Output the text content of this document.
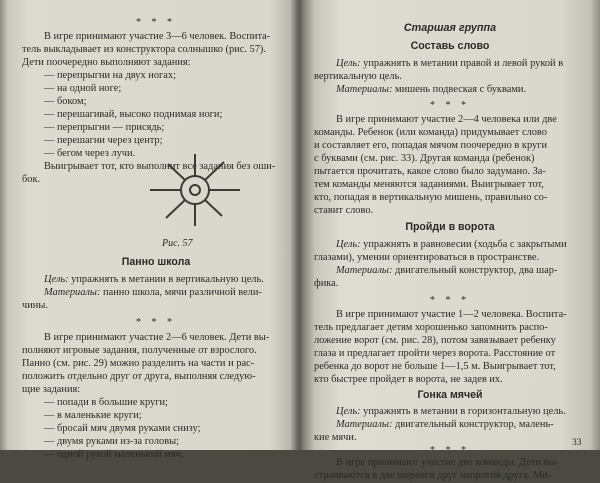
* * *
В игре принимают участие 3—6 человек. Воспита-
тель выкладывает из конструктора солнышко (рис. 57).
Дети поочередно выполняют задания:
— перепрыгни на двух ногах;
— на одной ноге;
— боком;
— перешагивай, высоко поднимая ноги;
— перепрыгни — присядь;
— перешагни через центр;
— бегом через лучи.
Выигрывает тот, кто выполнит все задания без оши-
бок.
Рис. 57
Панно школа
Цель: упражнять в метании в вертикальную цель.
Материалы: панно школа, мячи различной вели-
чины.
* * *
В игре принимают участие 2—6 человек. Дети вы-
полняют игровые задания, полученные от взрослого.
Панно (см. рис. 29) можно разделить на части и рас-
положить отдельно друг от друга, выполняя следую-
щие задания:
— попади в большие круги;
— в маленькие круги;
— бросай мяч двумя руками снизу;
— двумя руками из-за головы;
— одной рукой маленький мяч.
Старшая группа
Составь слово
Цель: упражнять в метании правой и левой рукой в
вертикальную цель.
Материалы: мишень подвеская с буквами.
* * *
В игре принимают участие 2—4 человека или две
команды. Ребенок (или команда) придумывает слово
и составляет его, попадая мячом поочередно в круги
с буквами (см. рис. 33). Другая команда (ребенок)
пытается прочитать, какое слово было задумано. За-
тем команды меняются заданиями. Выигрывает тот,
кто, попадая в вертикальную мишень, правильно со-
ставит слово.
Пройди в ворота
Цель: упражнять в равновесии (ходьба с закрытыми
глазами), умении ориентироваться в пространстве.
Материалы: двигательный конструктор, два шар-
фика.
* * *
В игре принимают участие 1—2 человека. Воспита-
тель предлагает детям хорошенько запомнить распо-
ложение ворот (см. рис. 28), потом завязывает ребенку
глаза и предлагает пройти через ворота. Расстояние от
ребенка до ворот не больше 1—1,5 м. Выигрывает тот,
кто быстрее пройдет в ворота, не задев их.
Гонка мячей
Цель: упражнять в метании в горизонтальную цель.
Материалы: двигательный конструктор, малень-
кие мячи.
* * *
В игре принимают участие две команды. Дети вы-
страиваются в две шеренги друг напротив друга. Ми-
33
